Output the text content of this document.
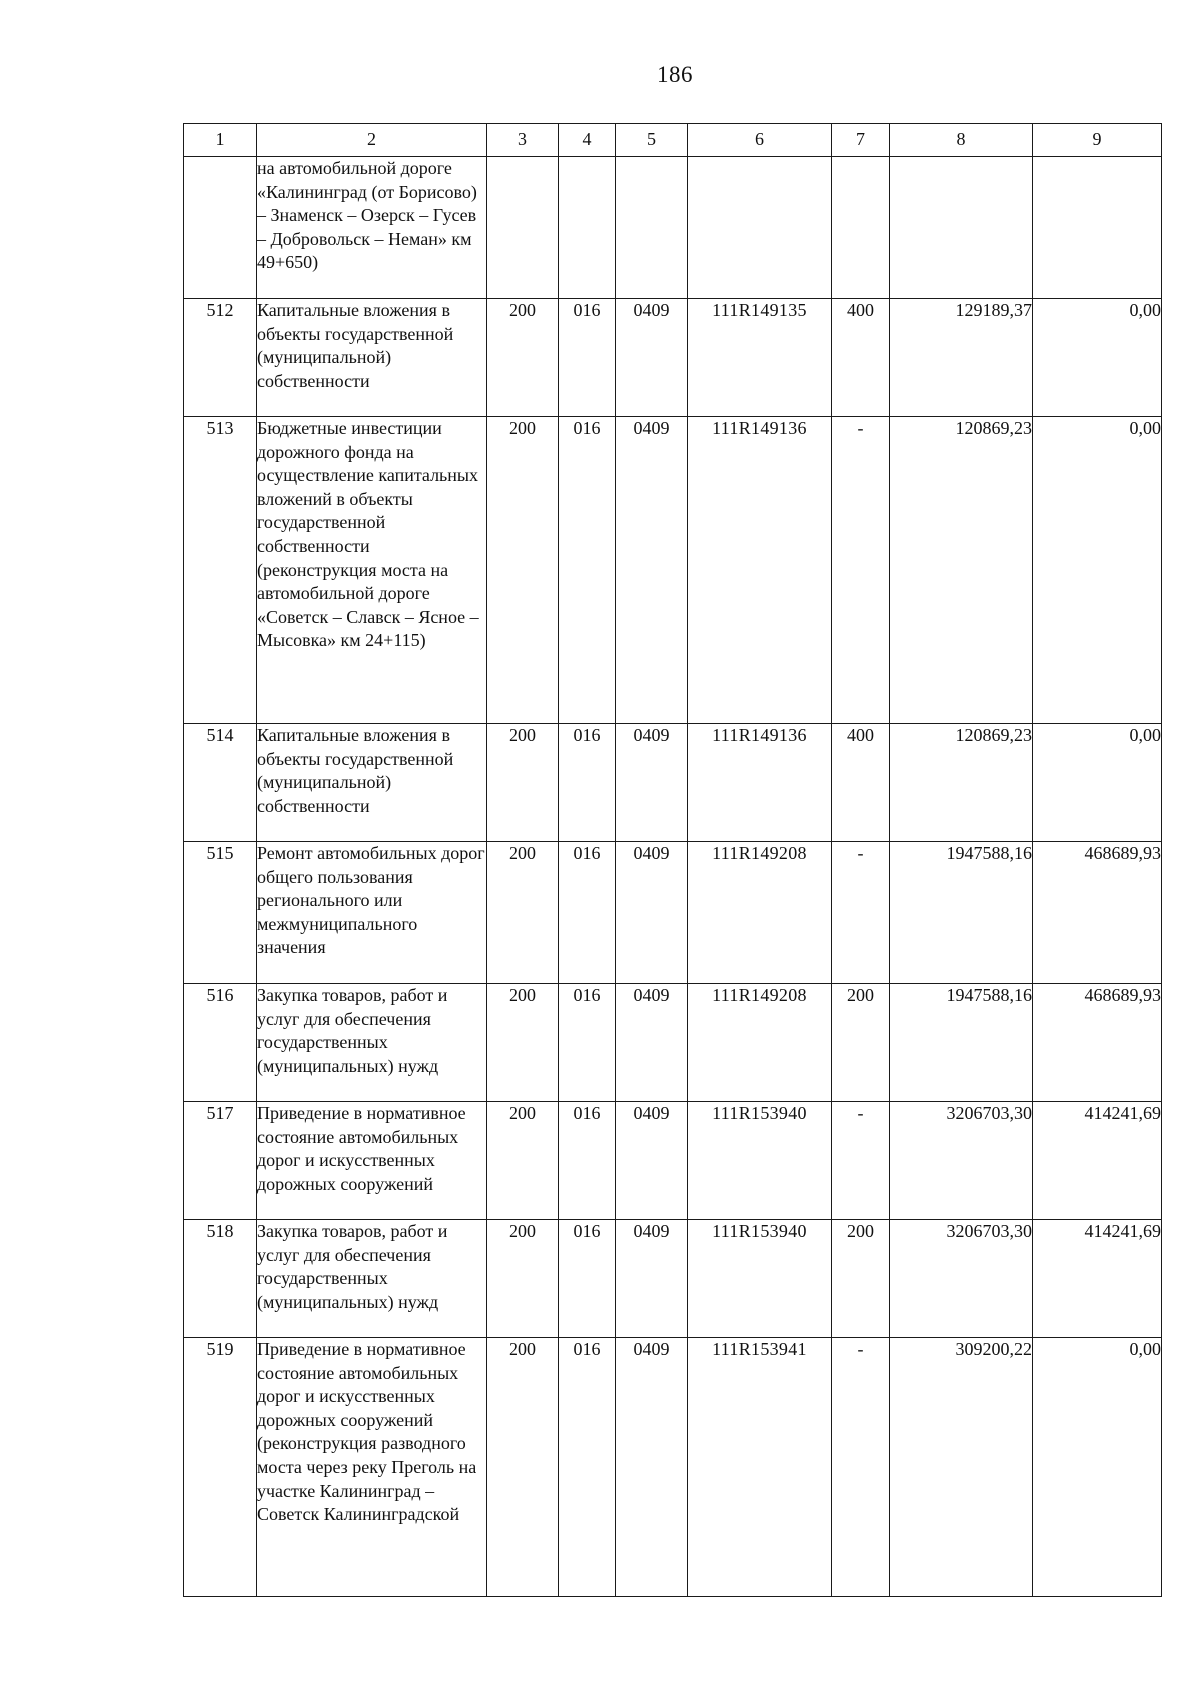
186
1	2	3	4	5	6	7	8	9
	на автомобильной дороге «Калининград (от Борисово) – Знаменск – Озерск – Гусев – Добровольск – Неман» км 49+650)							
512	Капитальные вложения в объекты государственной (муниципальной) собственности	200	016	0409	111R149135	400	129189,37	0,00
513	Бюджетные инвестиции дорожного фонда на осуществление капитальных вложений в объекты государственной собственности (реконструкция моста на автомобильной дороге «Советск – Славск – Ясное – Мысовка» км 24+115)	200	016	0409	111R149136	-	120869,23	0,00
514	Капитальные вложения в объекты государственной (муниципальной) собственности	200	016	0409	111R149136	400	120869,23	0,00
515	Ремонт автомобильных дорог общего пользования регионального или межмуниципального значения	200	016	0409	111R149208	-	1947588,16	468689,93
516	Закупка товаров, работ и услуг для обеспечения государственных (муниципальных) нужд	200	016	0409	111R149208	200	1947588,16	468689,93
517	Приведение в нормативное состояние автомобильных дорог и искусственных дорожных сооружений	200	016	0409	111R153940	-	3206703,30	414241,69
518	Закупка товаров, работ и услуг для обеспечения государственных (муниципальных) нужд	200	016	0409	111R153940	200	3206703,30	414241,69
519	Приведение в нормативное состояние автомобильных дорог и искусственных дорожных сооружений (реконструкция разводного моста через реку Преголь на участке Калининград – Советск Калининградской	200	016	0409	111R153941	-	309200,22	0,00
